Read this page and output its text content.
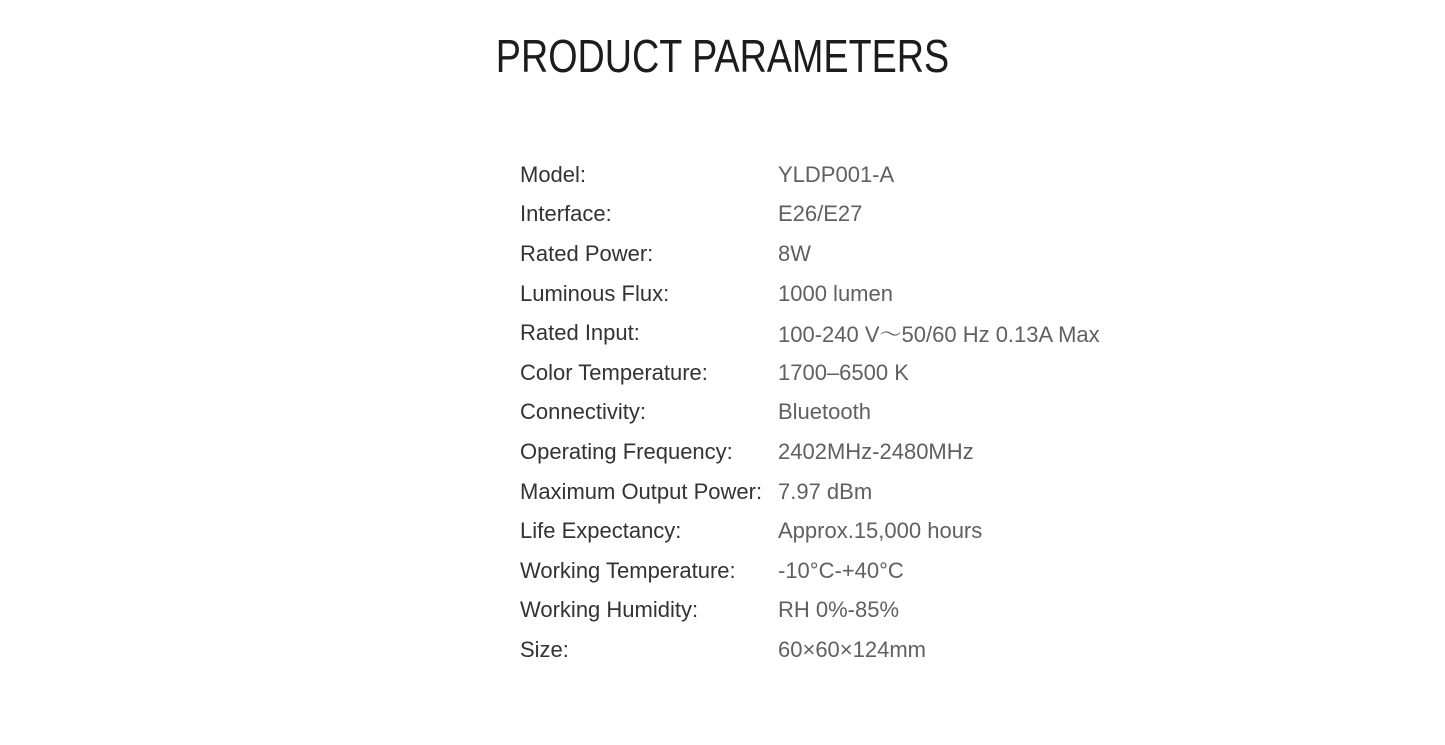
PRODUCT PARAMETERS
Model:	YLDP001-A
Interface:	E26/E27
Rated Power:	8W
Luminous Flux:	1000 lumen
Rated Input:	100-240 V～50/60 Hz 0.13A Max
Color Temperature:	1700–6500 K
Connectivity:	Bluetooth
Operating Frequency:	2402MHz-2480MHz
Maximum Output Power: 7.97 dBm
Life Expectancy:	Approx.15,000 hours
Working Temperature:	-10°C-+40°C
Working Humidity:	RH 0%-85%
Size:	60×60×124mm
